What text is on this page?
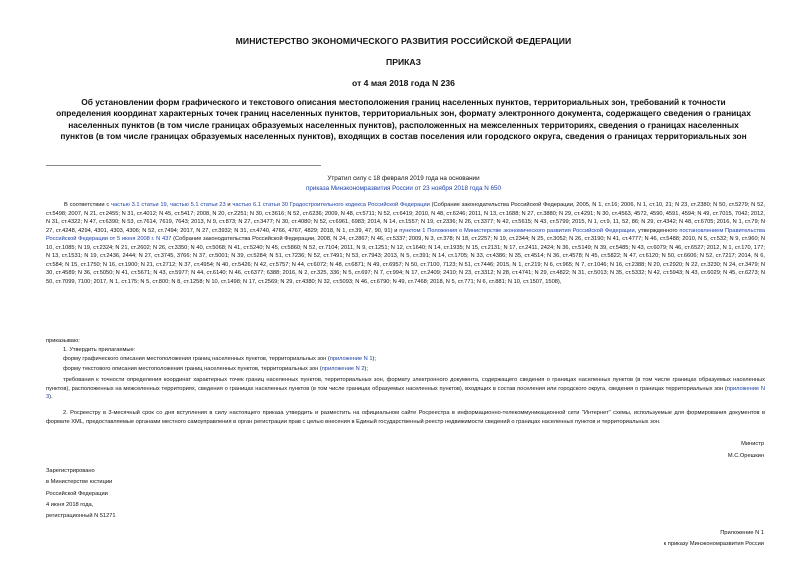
МИНИСТЕРСТВО ЭКОНОМИЧЕСКОГО РАЗВИТИЯ РОССИЙСКОЙ ФЕДЕРАЦИИ
ПРИКАЗ
от 4 мая 2018 года N 236
Об установлении форм графического и текстового описания местоположения границ населенных пунктов, территориальных зон, требований к точности определения координат характерных точек границ населенных пунктов, территориальных зон, формату электронного документа, содержащего сведения о границах населенных пунктов (в том числе границах образуемых населенных пунктов), расположенных на межселенных территориях, сведения о границах населенных пунктов (в том числе границах образуемых населенных пунктов), входящих в состав поселения или городского округа, сведения о границах территориальных зон
Утратил силу с 18 февраля 2019 года на основании
приказа Минэкономразвития России от 23 ноября 2018 года N 650

В соответствии с частью 3.1 статьи 19, частью 5.1 статьи 23 и частью 6.1 статьи 30 Градостроительного кодекса Российской Федерации (Собрание законодательства Российской Федерации, 2005, N 1, ст.16; 2006, N 1, ст.10, 21; N 23, ст.2380; N 50, ст.5279; N 52, ст.5498; 2007, N 21, ст.2455; N 31, ст.4012; N 45, ст.5417; 2008, N 20, ст.2251; N 30, ст.3616; N 52, ст.6236; 2009, N 48, ст.5711; N 52, ст.6419; 2010, N 48, ст.6246; 2011, N 13, ст.1688; N 27, ст.3880; N 29, ст.4291; N 30, ст.4563, 4572, 4590, 4591, 4594; N 49, ст.7015, 7042; 2012, N 31, ст.4322; N 47, ст.6390; N 53, ст.7614, 7619, 7643; 2013, N 9, ст.873; N 27, ст.3477; N 30, ст.4080; N 52, ст.6961, 6983; 2014, N 14, ст.1557; N 19, ст.2336; N 26, ст.3377; N 42, ст.5615; N 43, ст.5799; 2015, N 1, ст.9, 11, 52, 86; N 29, ст.4342; N 48, ст.6705; 2016, N 1, ст.79; N 27, ст.4248, 4294, 4301, 4303, 4306; N 52, ст.7494; 2017, N 27, ст.3932; N 31, ст.4740, 4766, 4767, 4829; 2018, N 1, ст.39, 47, 90, 91) и пунктом 1 Положения о Министерстве экономического развития Российской Федерации, утвержденного постановлением Правительства Российской Федерации от 5 июня 2008 г. N 437 (Собрание законодательства Российской Федерации, 2008, N 24, ст.2867; N 46, ст.5337; 2009, N 3, ст.378; N 18, ст.2257; N 19, ст.2344; N 25, ст.3052; N 26, ст.3190; N 41, ст.4777; N 46, ст.5488; 2010, N 5, ст.532; N 9, ст.960; N 10, ст.1085; N 19, ст.2324; N 21, ст.2602; N 26, ст.3350; N 40, ст.5068; N 41, ст.5240; N 45, ст.5860; N 52, ст.7104; 2011, N 9, ст.1251; N 12, ст.1640; N 14, ст.1935; N 15, ст.2131; N 17, ст.2411, 2424; N 36, ст.5149; N 39, ст.5485; N 43, ст.6079; N 46, ст.6527; 2012, N 1, ст.170, 177; N 13, ст.1531; N 19, ст.2436, 2444; N 27, ст.3745, 3766; N 37, ст.5001; N 39, ст.5284; N 51, ст.7236; N 52, ст.7491; N 53, ст.7943; 2013, N 5, ст.391; N 14, ст.1705; N 33, ст.4386; N 35, ст.4514; N 36, ст.4578; N 45, ст.5822; N 47, ст.6120; N 50, ст.6606; N 52, ст.7217; 2014, N 6, ст.584; N 15, ст.1750; N 16, ст.1900; N 21, ст.2712; N 37, ст.4954; N 40, ст.5426; N 42, ст.5757; N 44, ст.6072; N 48, ст.6871; N 49, ст.6957; N 50, ст.7100, 7123; N 51, ст.7446; 2015, N 1, ст.219; N 6, ст.965; N 7, ст.1046; N 16, ст.2388; N 20, ст.2920; N 22, ст.3230; N 24, ст.3479; N 30, ст.4589; N 36, ст.5050; N 41, ст.5671; N 43, ст.5977; N 44, ст.6140; N 46, ст.6377; 6388; 2016, N 2, ст.325, 336; N 5, ст.697; N 7, ст.994; N 17, ст.2409; 2410; N 23, ст.3312; N 28, ст.4741; N 29, ст.4822; N 31, ст.5013; N 35, ст.5332; N 42, ст.5943; N 43, ст.6029; N 45, ст.6273; N 50, ст.7099, 7100; 2017, N 1, ст.175; N 5, ст.800; N 8, ст.1258; N 10, ст.1498; N 17, ст.2569; N 29, ст.4380; N 32, ст.5093; N 46, ст.6790; N 49, ст.7468; 2018, N 5, ст.771; N 6, ст.881; N 10, ст.1507, 1508),

приказываю:
1. Утвердить прилагаемые:
форму графического описания местоположения границ населенных пунктов, территориальных зон (приложение N 1);
форму текстового описания местоположения границ населенных пунктов, территориальных зон (приложение N 2);
требования к точности определения координат характерных точек границ населенных пунктов, территориальных зон, формату электронного документа, содержащего сведения о границах населенных пунктов (в том числе границах образуемых населенных пунктов), расположенных на межселенных территориях, сведения о границах населенных пунктов (в том числе границах образуемых населенных пунктов), входящих в состав поселения или городского округа, сведения о границах территориальных зон (приложение N 3).
2. Росреестру в 3-месячный срок со дня вступления в силу настоящего приказа утвердить и разместить на официальном сайте Росреестра в информационно-телекоммуникационной сети "Интернет" схемы, используемые для формирования документов в формате XML, предоставляемые органами местного самоуправления в орган регистрации прав с целью внесения в Единый государственный реестр недвижимости сведений о границах населенных пунктов и территориальных зон.
Министр
М.С.Орешкин
Зарегистрировано
в Министерстве юстиции
Российской Федерации
4 июня 2018 года,
регистрационный N 51271
Приложение N 1
к приказу Минэкономразвития России
